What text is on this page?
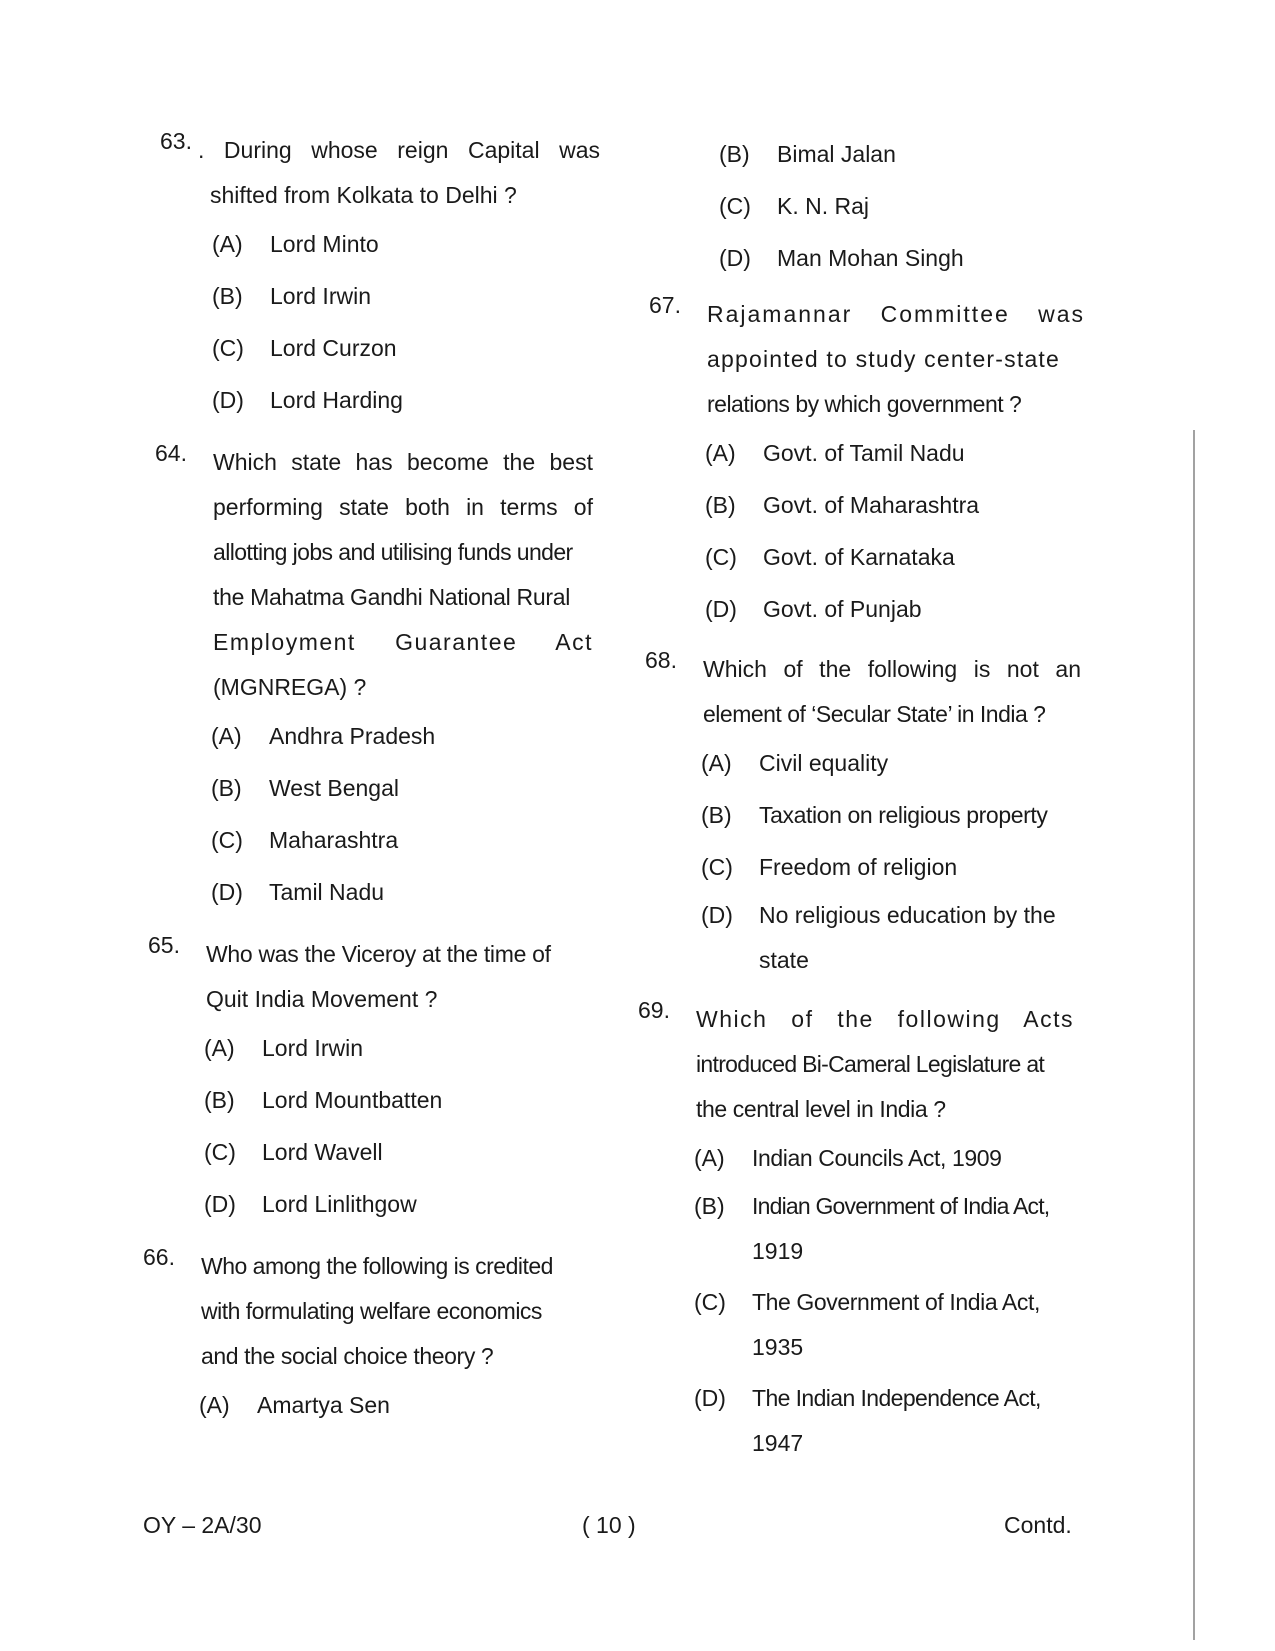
63. . During whose reign Capital was
shifted from Kolkata to Delhi ?
(A) Lord Minto
(B) Lord Irwin
(C) Lord Curzon
(D) Lord Harding
64. Which state has become the best
performing state both in terms of
allotting jobs and utilising funds under
the Mahatma Gandhi National Rural
Employment Guarantee Act
(MGNREGA) ?
(A) Andhra Pradesh
(B) West Bengal
(C) Maharashtra
(D) Tamil Nadu
65. Who was the Viceroy at the time of
Quit India Movement ?
(A) Lord Irwin
(B) Lord Mountbatten
(C) Lord Wavell
(D) Lord Linlithgow
66. Who among the following is credited
with formulating welfare economics
and the social choice theory ?
(A) Amartya Sen
(B) Bimal Jalan
(C) K. N. Raj
(D) Man Mohan Singh
67. Rajamannar Committee was
appointed to study center-state
relations by which government ?
(A) Govt. of Tamil Nadu
(B) Govt. of Maharashtra
(C) Govt. of Karnataka
(D) Govt. of Punjab
68. Which of the following is not an
element of ‘Secular State’ in India ?
(A) Civil equality
(B) Taxation on religious property
(C) Freedom of religion
(D) No religious education by the
state
69. Which of the following Acts
introduced Bi-Cameral Legislature at
the central level in India ?
(A) Indian Councils Act, 1909
(B) Indian Government of India Act,
1919
(C) The Government of India Act,
1935
(D) The Indian Independence Act,
1947
OY – 2A/30	( 10 )	Contd.
